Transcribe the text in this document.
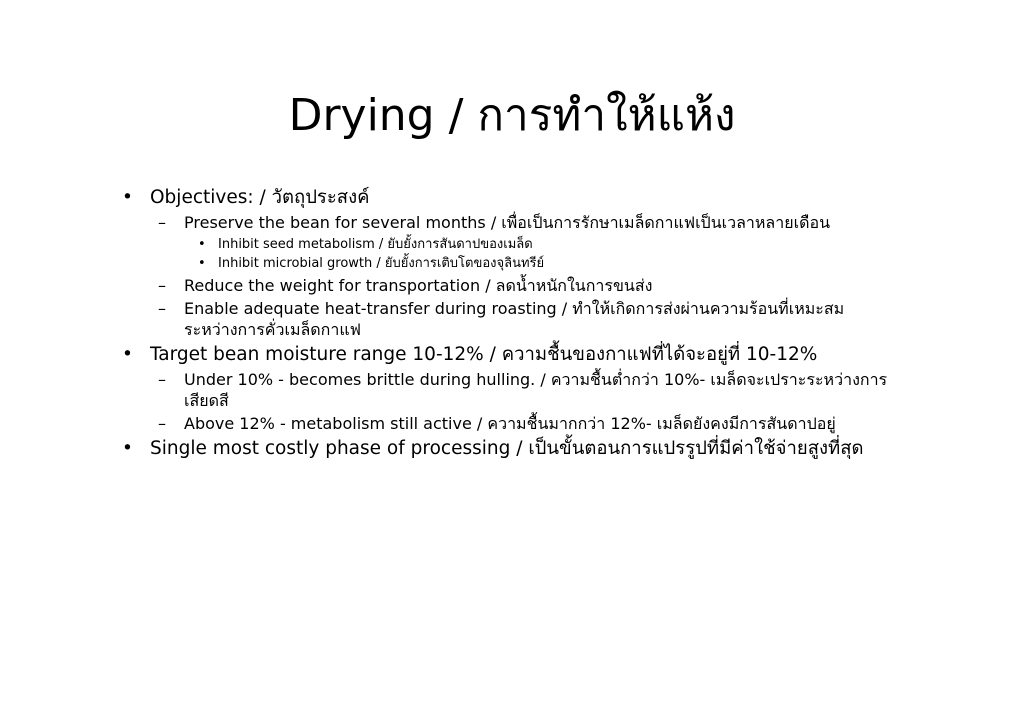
Drying / การทำให้แห้ง
• Objectives: / วัตถุประสงค์
– Preserve the bean for several months / เพื่อเป็นการรักษาเมล็ดกาแฟเป็นเวลาหลายเดือน
• Inhibit seed metabolism / ยับยั้งการสันดาปของเมล็ด
• Inhibit microbial growth / ยับยั้งการเติบโตของจุลินทรีย์
– Reduce the weight for transportation / ลดน้ำหนักในการขนส่ง
– Enable adequate heat-transfer during roasting / ทำให้เกิดการส่งผ่านความร้อนที่เหมะสมระหว่างการคั่วเมล็ดกาแฟ
• Target bean moisture range 10-12% / ความชื้นของกาแฟที่ได้จะอยู่ที่ 10-12%
– Under 10% - becomes brittle during hulling. / ความชื้นต่ำกว่า 10%- เมล็ดจะเปราะระหว่างการเสียดสี
– Above 12% - metabolism still active / ความชื้นมากกว่า 12%- เมล็ดยังคงมีการสันดาปอยู่
• Single most costly phase of processing / เป็นขั้นตอนการแปรรูปที่มีค่าใช้จ่ายสูงที่สุด
